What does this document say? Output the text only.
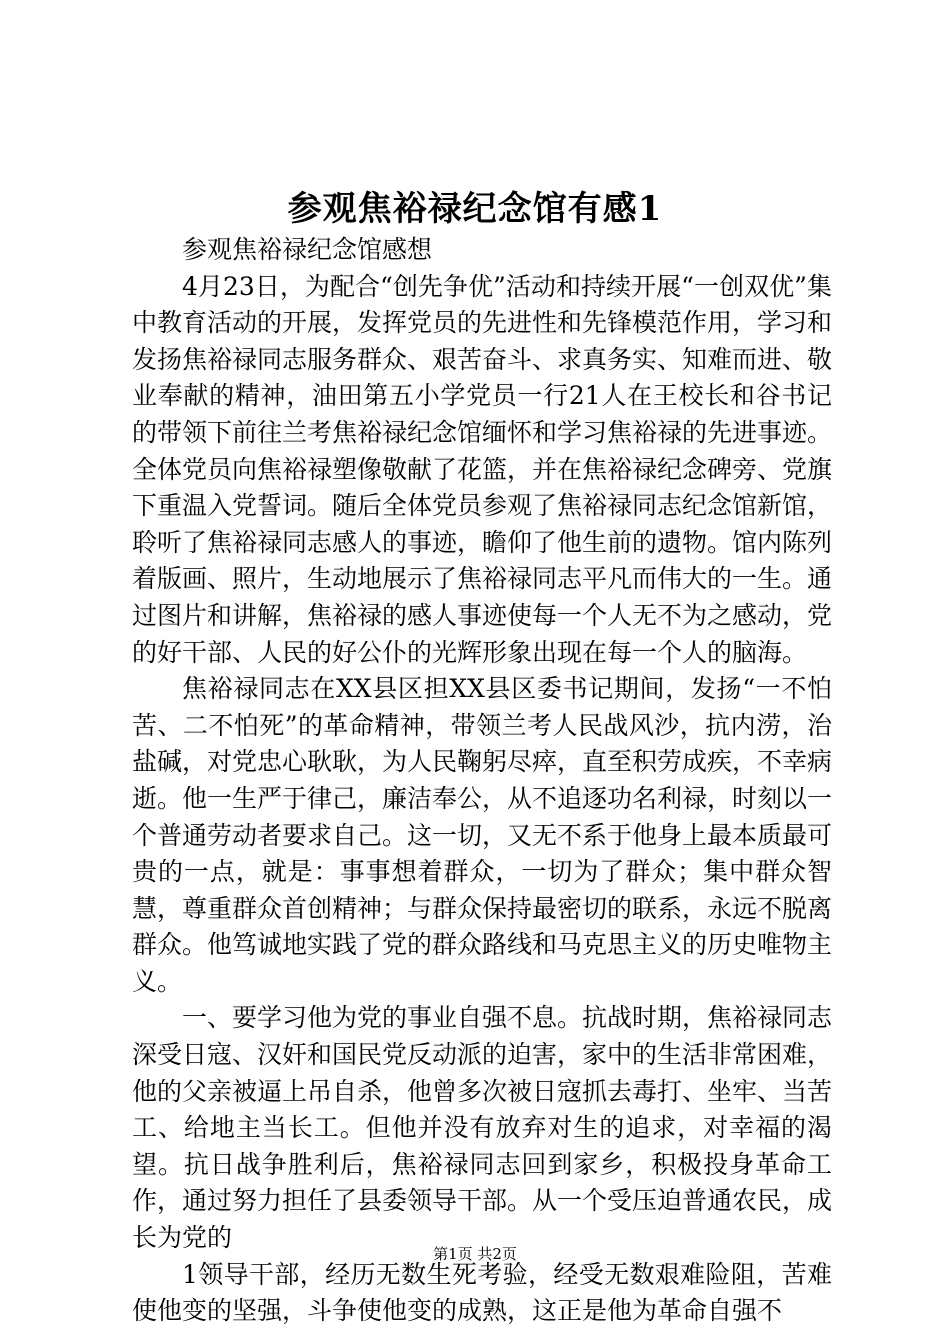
参观焦裕禄纪念馆有感1

参观焦裕禄纪念馆感想

4月23日，为配合“创先争优”活动和持续开展“一创双优”集中教育活动的开展，发挥党员的先进性和先锋模范作用，学习和发扬焦裕禄同志服务群众、艰苦奋斗、求真务实、知难而进、敬业奉献的精神，油田第五小学党员一行21人在王校长和谷书记的带领下前往兰考焦裕禄纪念馆缅怀和学习焦裕禄的先进事迹。全体党员向焦裕禄塑像敬献了花篮，并在焦裕禄纪念碑旁、党旗下重温入党誓词。随后全体党员参观了焦裕禄同志纪念馆新馆，聆听了焦裕禄同志感人的事迹，瞻仰了他生前的遗物。馆内陈列着版画、照片，生动地展示了焦裕禄同志平凡而伟大的一生。通过图片和讲解，焦裕禄的感人事迹使每一个人无不为之感动，党的好干部、人民的好公仆的光辉形象出现在每一个人的脑海。

焦裕禄同志在XX县区担XX县区委书记期间，发扬“一不怕苦、二不怕死”的革命精神，带领兰考人民战风沙，抗内涝，治盐碱，对党忠心耿耿，为人民鞠躬尽瘁，直至积劳成疾，不幸病逝。他一生严于律己，廉洁奉公，从不追逐功名利禄，时刻以一个普通劳动者要求自己。这一切，又无不系于他身上最本质最可贵的一点，就是：事事想着群众，一切为了群众；集中群众智慧，尊重群众首创精神；与群众保持最密切的联系，永远不脱离群众。他笃诚地实践了党的群众路线和马克思主义的历史唯物主义。

一、要学习他为党的事业自强不息。抗战时期，焦裕禄同志深受日寇、汉奸和国民党反动派的迫害，家中的生活非常困难，他的父亲被逼上吊自杀，他曾多次被日寇抓去毒打、坐牢、当苦工、给地主当长工。但他并没有放弃对生的追求，对幸福的渴望。抗日战争胜利后，焦裕禄同志回到家乡，积极投身革命工作，通过努力担任了县委领导干部。从一个受压迫普通农民，成长为党的

1领导干部，经历无数生死考验，经受无数艰难险阻，苦难使他变的坚强，斗争使他变的成熟，这正是他为革命自强不

第1页 共2页
